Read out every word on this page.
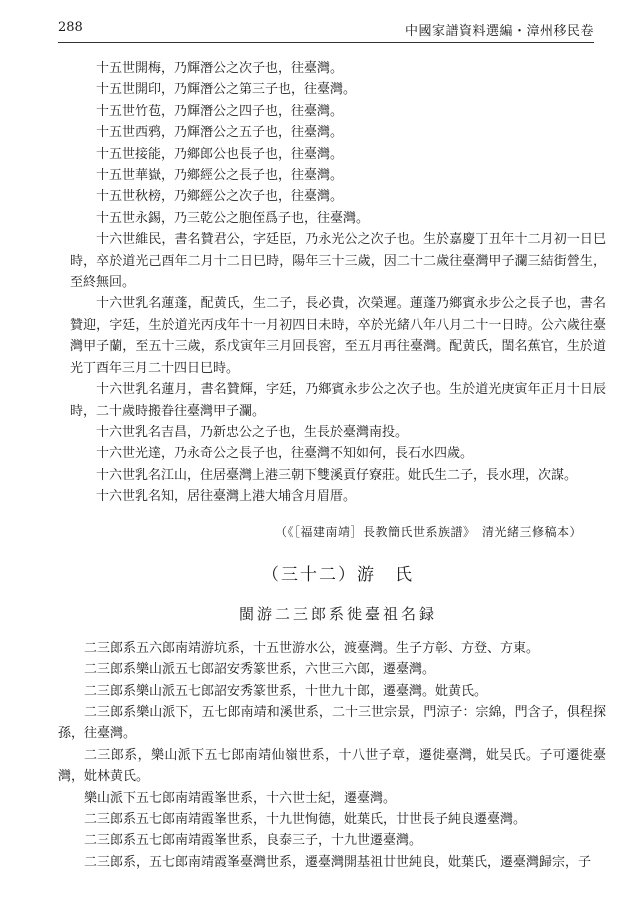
288	中國家譜資料選編・漳州移民卷

十五世開梅，乃輝潛公之次子也，往臺灣。

十五世開印，乃輝潛公之第三子也，往臺灣。

十五世竹苞，乃輝潛公之四子也，往臺灣。

十五世西鸦，乃輝潛公之五子也，往臺灣。

十五世接能，乃鄉郎公也長子也，往臺灣。

十五世華嶽，乃鄉經公之長子也，往臺灣。

十五世秋榜，乃鄉經公之次子也，往臺灣。

十五世永錫，乃三乾公之胞侄爲子也，往臺灣。

十六世維民，書名贊君公，字廷臣，乃永光公之次子也。生於嘉慶丁丑年十二月初一日巳時，卒於道光己酉年二月十二日巳時，陽年三十三歲，因二十二歲往臺灣甲子瀾三結街營生，至終無回。

十六世乳名蓮蓬，配黄氏，生二子，長必貴，次榮遲。蓮蓬乃鄉賓永步公之長子也，書名贊迎，字廷，生於道光丙戌年十一月初四日未時，卒於光緒八年八月二十一日時。公六歲往臺灣甲子蘭，至五十三歲，系戊寅年三月回長窖，至五月再往臺灣。配黄氏，閨名蕉官，生於道光丁酉年三月二十四日巳時。

十六世乳名蓮月，書名贊輝，字廷，乃鄉賓永步公之次子也。生於道光庚寅年正月十日辰時，二十歲時搬眷往臺灣甲子瀾。

十六世乳名吉昌，乃新忠公之子也，生長於臺灣南投。

十六世光達，乃永奇公之長子也，往臺灣不知如何，長石水四歲。

十六世乳名江山，住居臺灣上港三朝下雙溪貢仔寮莊。妣氏生二子，長水理，次謀。

十六世乳名知，居往臺灣上港大埔含月眉厝。

（《［福建南靖］長教簡氏世系族譜》　清光緒三修稿本）
（三十二）游　氏
閩游二三郎系徙臺祖名録

二三郎系五六郎南靖游坑系，十五世游水公，渡臺灣。生子方彰、方登、方東。

二三郎系樂山派五七郎詔安秀篆世系，六世三六郎，遷臺灣。

二三郎系樂山派五七郎詔安秀篆世系，十世九十郎，遷臺灣。妣黄氏。

二三郎系樂山派下，五七郎南靖和溪世系，二十三世宗景，門涼子：宗綿，門含子，俱程探孫，往臺灣。

二三郎系，樂山派下五七郎南靖仙嶺世系，十八世子章，遷徙臺灣，妣吴氏。子可遷徙臺灣，妣林黄氏。

樂山派下五七郎南靖霞峯世系，十六世士紀，遷臺灣。

二三郎系五七郎南靖霞峯世系，十九世恂德，妣葉氏，廿世長子純良遷臺灣。

二三郎系五七郎南靖霞峯世系，良泰三子，十九世遷臺灣。

二三郎系，五七郎南靖霞峯臺灣世系，遷臺灣開基祖廿世純良，妣葉氏，遷臺灣歸宗，子
